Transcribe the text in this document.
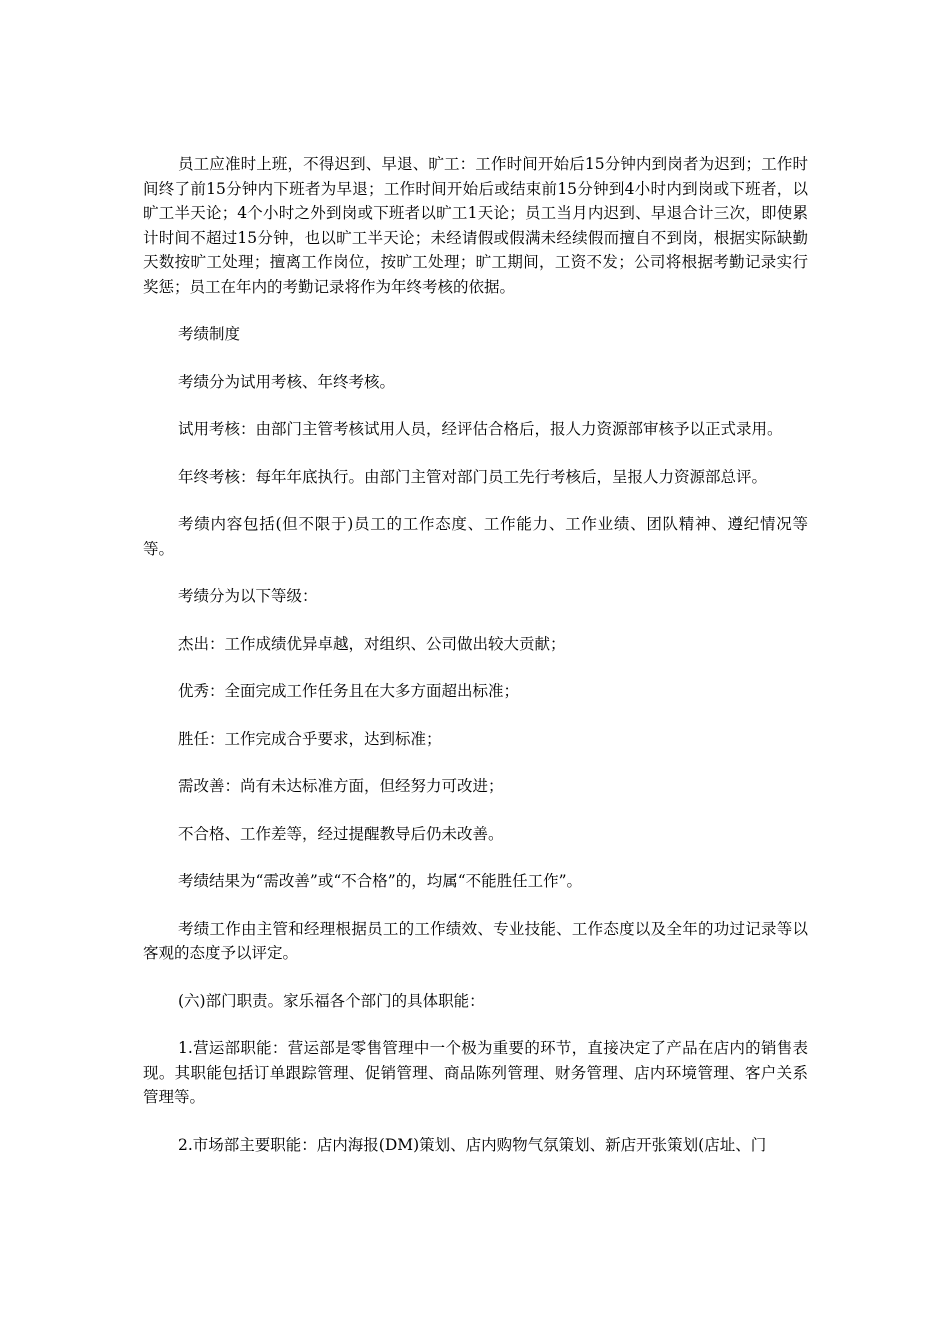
员工应准时上班，不得迟到、早退、旷工：工作时间开始后15分钟内到岗者为迟到；工作时间终了前15分钟内下班者为早退；工作时间开始后或结束前15分钟到4小时内到岗或下班者，以旷工半天论；4个小时之外到岗或下班者以旷工1天论；员工当月内迟到、早退合计三次，即使累计时间不超过15分钟，也以旷工半天论；未经请假或假满未经续假而擅自不到岗，根据实际缺勤天数按旷工处理；擅离工作岗位，按旷工处理；旷工期间，工资不发；公司将根据考勤记录实行奖惩；员工在年内的考勤记录将作为年终考核的依据。

考绩制度

考绩分为试用考核、年终考核。

试用考核：由部门主管考核试用人员，经评估合格后，报人力资源部审核予以正式录用。

年终考核：每年年底执行。由部门主管对部门员工先行考核后，呈报人力资源部总评。

考绩内容包括(但不限于)员工的工作态度、工作能力、工作业绩、团队精神、遵纪情况等等。

考绩分为以下等级：

杰出：工作成绩优异卓越，对组织、公司做出较大贡献；

优秀：全面完成工作任务且在大多方面超出标准；

胜任：工作完成合乎要求，达到标准；

需改善：尚有未达标准方面，但经努力可改进；

不合格、工作差等，经过提醒教导后仍未改善。

考绩结果为“需改善”或“不合格”的，均属“不能胜任工作”。

考绩工作由主管和经理根据员工的工作绩效、专业技能、工作态度以及全年的功过记录等以客观的态度予以评定。

(六)部门职责。家乐福各个部门的具体职能：

1.营运部职能：营运部是零售管理中一个极为重要的环节，直接决定了产品在店内的销售表现。其职能包括订单跟踪管理、促销管理、商品陈列管理、财务管理、店内环境管理、客户关系管理等。

2.市场部主要职能：店内海报(DM)策划、店内购物气氛策划、新店开张策划(店址、门
